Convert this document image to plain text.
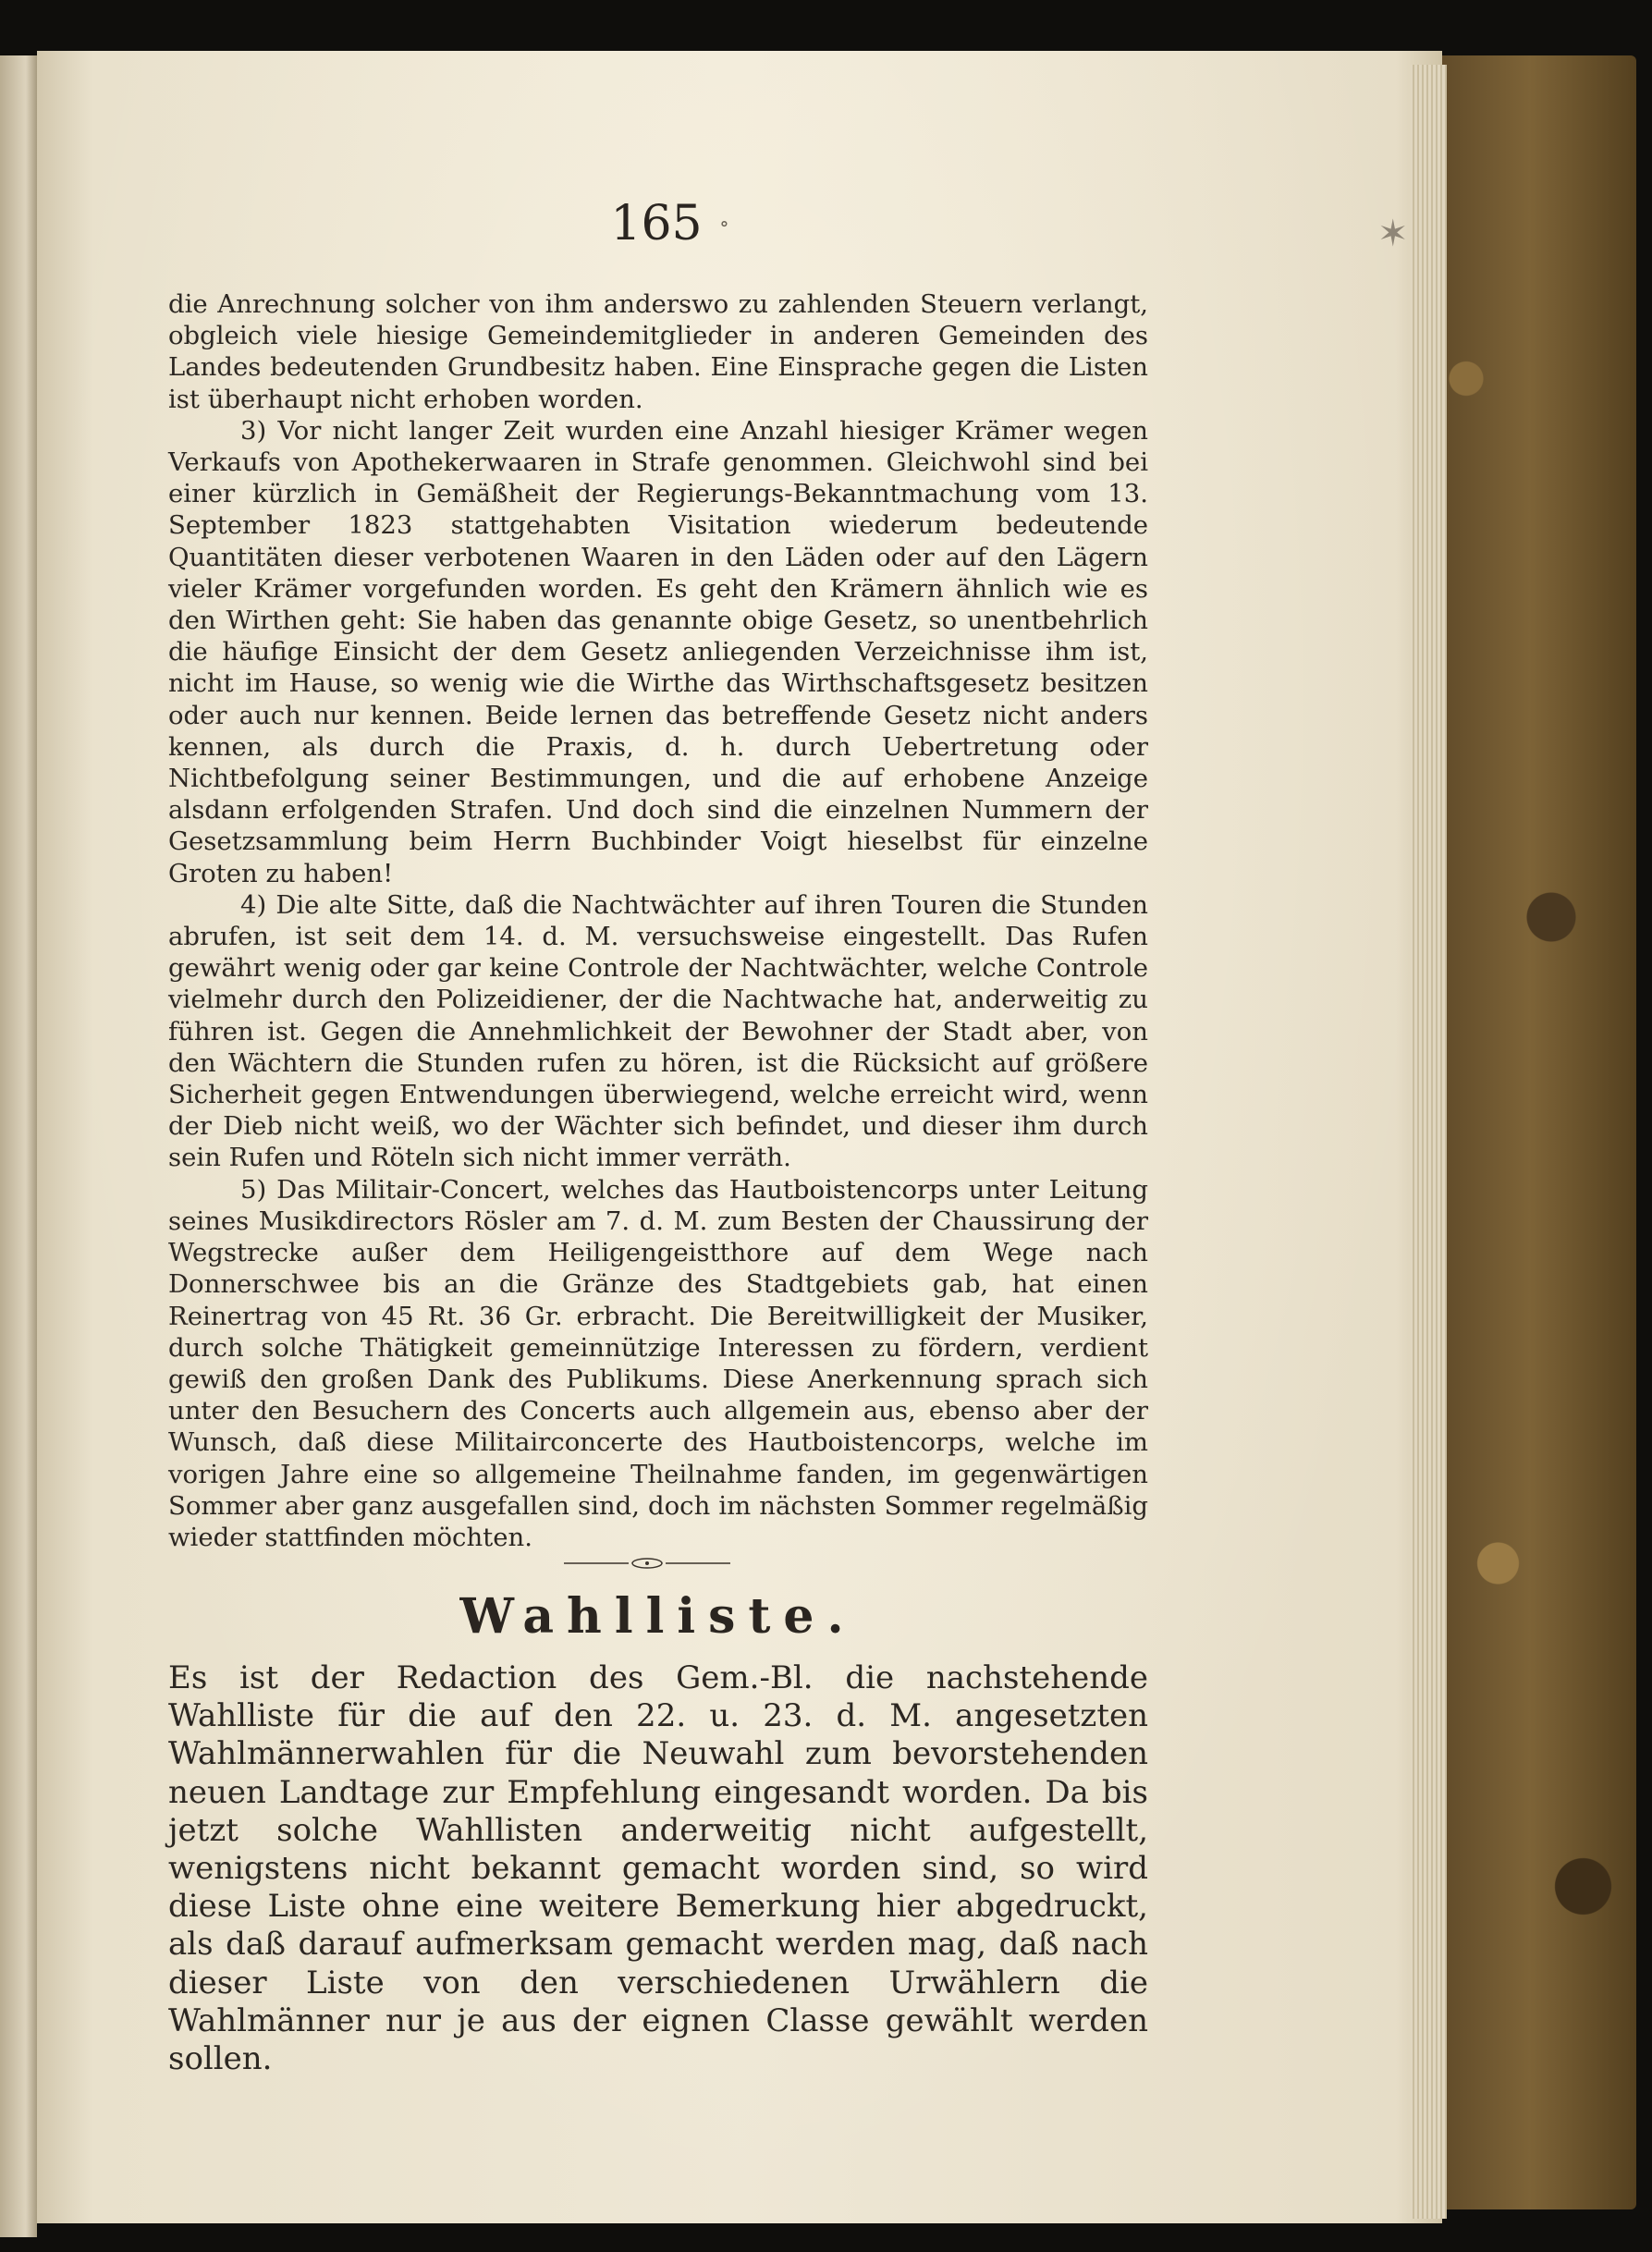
✶
∘
165

die Anrechnung solcher von ihm anderswo zu zahlenden Steuern verlangt, obgleich viele hiesige Gemeindemitglieder in anderen Gemeinden des Landes bedeutenden Grundbesitz haben. Eine Einsprache gegen die Listen ist überhaupt nicht erhoben worden.

3) Vor nicht langer Zeit wurden eine Anzahl hiesiger Krämer wegen Verkaufs von Apothekerwaaren in Strafe genommen. Gleichwohl sind bei einer kürzlich in Gemäßheit der Regierungs-Bekanntmachung vom 13. September 1823 stattgehabten Visitation wiederum bedeutende Quantitäten dieser verbotenen Waaren in den Läden oder auf den Lägern vieler Krämer vorgefunden worden. Es geht den Krämern ähnlich wie es den Wirthen geht: Sie haben das genannte obige Gesetz, so unentbehrlich die häufige Einsicht der dem Gesetz anliegenden Verzeichnisse ihm ist, nicht im Hause, so wenig wie die Wirthe das Wirthschaftsgesetz besitzen oder auch nur kennen. Beide lernen das betreffende Gesetz nicht anders kennen, als durch die Praxis, d. h. durch Uebertretung oder Nichtbefolgung seiner Bestimmungen, und die auf erhobene Anzeige alsdann erfolgenden Strafen. Und doch sind die einzelnen Nummern der Gesetzsammlung beim Herrn Buchbinder Voigt hieselbst für einzelne Groten zu haben!

4) Die alte Sitte, daß die Nachtwächter auf ihren Touren die Stunden abrufen, ist seit dem 14. d. M. versuchsweise eingestellt. Das Rufen gewährt wenig oder gar keine Controle der Nachtwächter, welche Controle vielmehr durch den Polizeidiener, der die Nachtwache hat, anderweitig zu führen ist. Gegen die Annehmlichkeit der Bewohner der Stadt aber, von den Wächtern die Stunden rufen zu hören, ist die Rücksicht auf größere Sicherheit gegen Entwendungen überwiegend, welche erreicht wird, wenn der Dieb nicht weiß, wo der Wächter sich befindet, und dieser ihm durch sein Rufen und Röteln sich nicht immer verräth.

5) Das Militair-Concert, welches das Hautboistencorps unter Leitung seines Musikdirectors Rösler am 7. d. M. zum Besten der Chaussirung der Wegstrecke außer dem Heiligengeistthore auf dem Wege nach Donnerschwee bis an die Gränze des Stadtgebiets gab, hat einen Reinertrag von 45 Rt. 36 Gr. erbracht. Die Bereitwilligkeit der Musiker, durch solche Thätigkeit gemeinnützige Interessen zu fördern, verdient gewiß den großen Dank des Publikums. Diese Anerkennung sprach sich unter den Besuchern des Concerts auch allgemein aus, ebenso aber der Wunsch, daß diese Militairconcerte des Hautboistencorps, welche im vorigen Jahre eine so allgemeine Theilnahme fanden, im gegenwärtigen Sommer aber ganz ausgefallen sind, doch im nächsten Sommer regelmäßig wieder stattfinden möchten.

Wahlliste.

Es ist der Redaction des Gem.-Bl. die nachstehende Wahlliste für die auf den 22. u. 23. d. M. angesetzten Wahlmännerwahlen für die Neuwahl zum bevorstehenden neuen Landtage zur Empfehlung eingesandt worden. Da bis jetzt solche Wahllisten anderweitig nicht aufgestellt, wenigstens nicht bekannt gemacht worden sind, so wird diese Liste ohne eine weitere Bemerkung hier abgedruckt, als daß darauf aufmerksam gemacht werden mag, daß nach dieser Liste von den verschiedenen Urwählern die Wahlmänner nur je aus der eignen Classe gewählt werden sollen.
